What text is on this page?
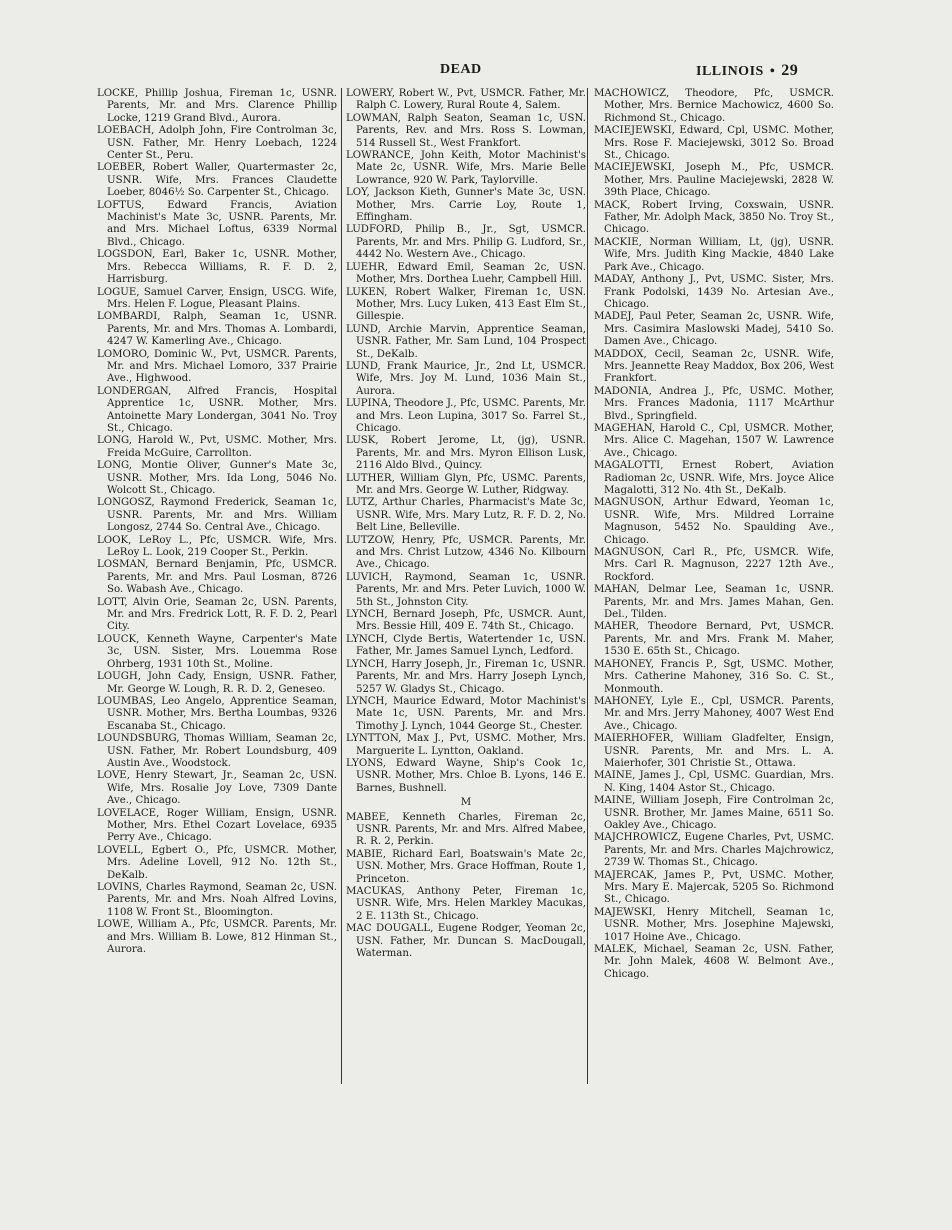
DEAD	ILLINOIS • 29

LOCKE, Phillip Joshua, Fireman 1c, USNR. Parents, Mr. and Mrs. Clarence Phillip Locke, 1219 Grand Blvd., Aurora.

LOEBACH, Adolph John, Fire Controlman 3c, USN. Father, Mr. Henry Loebach, 1224 Center St., Peru.

LOEBER, Robert Waller, Quartermaster 2c, USNR. Wife, Mrs. Frances Claudette Loeber, 8046½ So. Carpenter St., Chicago.

LOFTUS, Edward Francis, Aviation Machinist's Mate 3c, USNR. Parents, Mr. and Mrs. Michael Loftus, 6339 Normal Blvd., Chicago.

LOGSDON, Earl, Baker 1c, USNR. Mother, Mrs. Rebecca Williams, R. F. D. 2, Harrisburg.

LOGUE, Samuel Carver, Ensign, USCG. Wife, Mrs. Helen F. Logue, Pleasant Plains.

LOMBARDI, Ralph, Seaman 1c, USNR. Parents, Mr. and Mrs. Thomas A. Lombardi, 4247 W. Kamerling Ave., Chicago.

LOMORO, Dominic W., Pvt, USMCR. Parents, Mr. and Mrs. Michael Lomoro, 337 Prairie Ave., Highwood.

LONDERGAN, Alfred Francis, Hospital Apprentice 1c, USNR. Mother, Mrs. Antoinette Mary Londergan, 3041 No. Troy St., Chicago.

LONG, Harold W., Pvt, USMC. Mother, Mrs. Freida McGuire, Carrollton.

LONG, Montie Oliver, Gunner's Mate 3c, USNR. Mother, Mrs. Ida Long, 5046 No. Wolcott St., Chicago.

LONGOSZ, Raymond Frederick, Seaman 1c, USNR. Parents, Mr. and Mrs. William Longosz, 2744 So. Central Ave., Chicago.

LOOK, LeRoy L., Pfc, USMCR. Wife, Mrs. LeRoy L. Look, 219 Cooper St., Perkin.

LOSMAN, Bernard Benjamin, Pfc, USMCR. Parents, Mr. and Mrs. Paul Losman, 8726 So. Wabash Ave., Chicago.

LOTT, Alvin Orie, Seaman 2c, USN. Parents, Mr. and Mrs. Fredrick Lott, R. F. D. 2, Pearl City.

LOUCK, Kenneth Wayne, Carpenter's Mate 3c, USN. Sister, Mrs. Louemma Rose Ohrberg, 1931 10th St., Moline.

LOUGH, John Cady, Ensign, USNR. Father, Mr. George W. Lough, R. R. D. 2, Geneseo.

LOUMBAS, Leo Angelo, Apprentice Seaman, USNR. Mother, Mrs. Bertha Loumbas, 9326 Escanaba St., Chicago.

LOUNDSBURG, Thomas William, Seaman 2c, USN. Father, Mr. Robert Loundsburg, 409 Austin Ave., Woodstock.

LOVE, Henry Stewart, Jr., Seaman 2c, USN. Wife, Mrs. Rosalie Joy Love, 7309 Dante Ave., Chicago.

LOVELACE, Roger William, Ensign, USNR. Mother, Mrs. Ethel Cozart Lovelace, 6935 Perry Ave., Chicago.

LOVELL, Egbert O., Pfc, USMCR. Mother, Mrs. Adeline Lovell, 912 No. 12th St., DeKalb.

LOVINS, Charles Raymond, Seaman 2c, USN. Parents, Mr. and Mrs. Noah Alfred Lovins, 1108 W. Front St., Bloomington.

LOWE, William A., Pfc, USMCR. Parents, Mr. and Mrs. William B. Lowe, 812 Hinman St., Aurora.

LOWERY, Robert W., Pvt, USMCR. Father, Mr. Ralph C. Lowery, Rural Route 4, Salem.

LOWMAN, Ralph Seaton, Seaman 1c, USN. Parents, Rev. and Mrs. Ross S. Lowman, 514 Russell St., West Frankfort.

LOWRANCE, John Keith, Motor Machinist's Mate 2c, USNR. Wife, Mrs. Marie Belle Lowrance, 920 W. Park, Taylorville.

LOY, Jackson Kieth, Gunner's Mate 3c, USN. Mother, Mrs. Carrie Loy, Route 1, Effingham.

LUDFORD, Philip B., Jr., Sgt, USMCR. Parents, Mr. and Mrs. Philip G. Ludford, Sr., 4442 No. Western Ave., Chicago.

LUEHR, Edward Emil, Seaman 2c, USN. Mother, Mrs. Dorthea Luehr, Campbell Hill.

LUKEN, Robert Walker, Fireman 1c, USN. Mother, Mrs. Lucy Luken, 413 East Elm St., Gillespie.

LUND, Archie Marvin, Apprentice Seaman, USNR. Father, Mr. Sam Lund, 104 Prospect St., DeKalb.

LUND, Frank Maurice, Jr., 2nd Lt, USMCR. Wife, Mrs. Joy M. Lund, 1036 Main St., Aurora.

LUPINA, Theodore J., Pfc, USMC. Parents, Mr. and Mrs. Leon Lupina, 3017 So. Farrel St., Chicago.

LUSK, Robert Jerome, Lt, (jg), USNR. Parents, Mr. and Mrs. Myron Ellison Lusk, 2116 Aldo Blvd., Quincy.

LUTHER, William Glyn, Pfc, USMC. Parents, Mr. and Mrs. George W. Luther, Ridgway.

LUTZ, Arthur Charles, Pharmacist's Mate 3c, USNR. Wife, Mrs. Mary Lutz, R. F. D. 2, No. Belt Line, Belleville.

LUTZOW, Henry, Pfc, USMCR. Parents, Mr. and Mrs. Christ Lutzow, 4346 No. Kilbourn Ave., Chicago.

LUVICH, Raymond, Seaman 1c, USNR. Parents, Mr. and Mrs. Peter Luvich, 1000 W. 5th St., Johnston City.

LYNCH, Bernard Joseph, Pfc, USMCR. Aunt, Mrs. Bessie Hill, 409 E. 74th St., Chicago.

LYNCH, Clyde Bertis, Watertender 1c, USN. Father, Mr. James Samuel Lynch, Ledford.

LYNCH, Harry Joseph, Jr., Fireman 1c, USNR. Parents, Mr. and Mrs. Harry Joseph Lynch, 5257 W. Gladys St., Chicago.

LYNCH, Maurice Edward, Motor Machinist's Mate 1c, USN. Parents, Mr. and Mrs. Timothy J. Lynch, 1044 George St., Chester.

LYNTTON, Max J., Pvt, USMC. Mother, Mrs. Marguerite L. Lyntton, Oakland.

LYONS, Edward Wayne, Ship's Cook 1c, USNR. Mother, Mrs. Chloe B. Lyons, 146 E. Barnes, Bushnell.

M

MABEE, Kenneth Charles, Fireman 2c, USNR. Parents, Mr. and Mrs. Alfred Mabee, R. R. 2, Perkin.

MABIE, Richard Earl, Boatswain's Mate 2c, USN. Mother, Mrs. Grace Hoffman, Route 1, Princeton.

MACUKAS, Anthony Peter, Fireman 1c, USNR. Wife, Mrs. Helen Markley Macukas, 2 E. 113th St., Chicago.

MAC DOUGALL, Eugene Rodger, Yeoman 2c, USN. Father, Mr. Duncan S. MacDougall, Waterman.

MACHOWICZ, Theodore, Pfc, USMCR. Mother, Mrs. Bernice Machowicz, 4600 So. Richmond St., Chicago.

MACIEJEWSKI, Edward, Cpl, USMC. Mother, Mrs. Rose F. Maciejewski, 3012 So. Broad St., Chicago.

MACIEJEWSKI, Joseph M., Pfc, USMCR. Mother, Mrs. Pauline Maciejewski, 2828 W. 39th Place, Chicago.

MACK, Robert Irving, Coxswain, USNR. Father, Mr. Adolph Mack, 3850 No. Troy St., Chicago.

MACKIE, Norman William, Lt, (jg), USNR. Wife, Mrs. Judith King Mackie, 4840 Lake Park Ave., Chicago.

MADAY, Anthony J., Pvt, USMC. Sister, Mrs. Frank Podolski, 1439 No. Artesian Ave., Chicago.

MADEJ, Paul Peter, Seaman 2c, USNR. Wife, Mrs. Casimira Maslowski Madej, 5410 So. Damen Ave., Chicago.

MADDOX, Cecil, Seaman 2c, USNR. Wife, Mrs. Jeannette Reay Maddox, Box 206, West Frankfort.

MADONIA, Andrea J., Pfc, USMC. Mother, Mrs. Frances Madonia, 1117 McArthur Blvd., Springfield.

MAGEHAN, Harold C., Cpl, USMCR. Mother, Mrs. Alice C. Magehan, 1507 W. Lawrence Ave., Chicago.

MAGALOTTI, Ernest Robert, Aviation Radioman 2c, USNR. Wife, Mrs. Joyce Alice Magalotti, 312 No. 4th St., DeKalb.

MAGNUSON, Arthur Edward, Yeoman 1c, USNR. Wife, Mrs. Mildred Lorraine Magnuson, 5452 No. Spaulding Ave., Chicago.

MAGNUSON, Carl R., Pfc, USMCR. Wife, Mrs. Carl R. Magnuson, 2227 12th Ave., Rockford.

MAHAN, Delmar Lee, Seaman 1c, USNR. Parents, Mr. and Mrs. James Mahan, Gen. Del., Tilden.

MAHER, Theodore Bernard, Pvt, USMCR. Parents, Mr. and Mrs. Frank M. Maher, 1530 E. 65th St., Chicago.

MAHONEY, Francis P., Sgt, USMC. Mother, Mrs. Catherine Mahoney, 316 So. C. St., Monmouth.

MAHONEY, Lyle E., Cpl, USMCR. Parents, Mr. and Mrs. Jerry Mahoney, 4007 West End Ave., Chicago.

MAIERHOFER, William Gladfelter, Ensign, USNR. Parents, Mr. and Mrs. L. A. Maierhofer, 301 Christie St., Ottawa.

MAINE, James J., Cpl, USMC. Guardian, Mrs. N. King, 1404 Astor St., Chicago.

MAINE, William Joseph, Fire Controlman 2c, USNR. Brother, Mr. James Maine, 6511 So. Oakley Ave., Chicago.

MAJCHROWICZ, Eugene Charles, Pvt, USMC. Parents, Mr. and Mrs. Charles Majchrowicz, 2739 W. Thomas St., Chicago.

MAJERCAK, James P., Pvt, USMC. Mother, Mrs. Mary E. Majercak, 5205 So. Richmond St., Chicago.

MAJEWSKI, Henry Mitchell, Seaman 1c, USNR. Mother, Mrs. Josephine Majewski, 1017 Hoine Ave., Chicago.

MALEK, Michael, Seaman 2c, USN. Father, Mr. John Malek, 4608 W. Belmont Ave., Chicago.
